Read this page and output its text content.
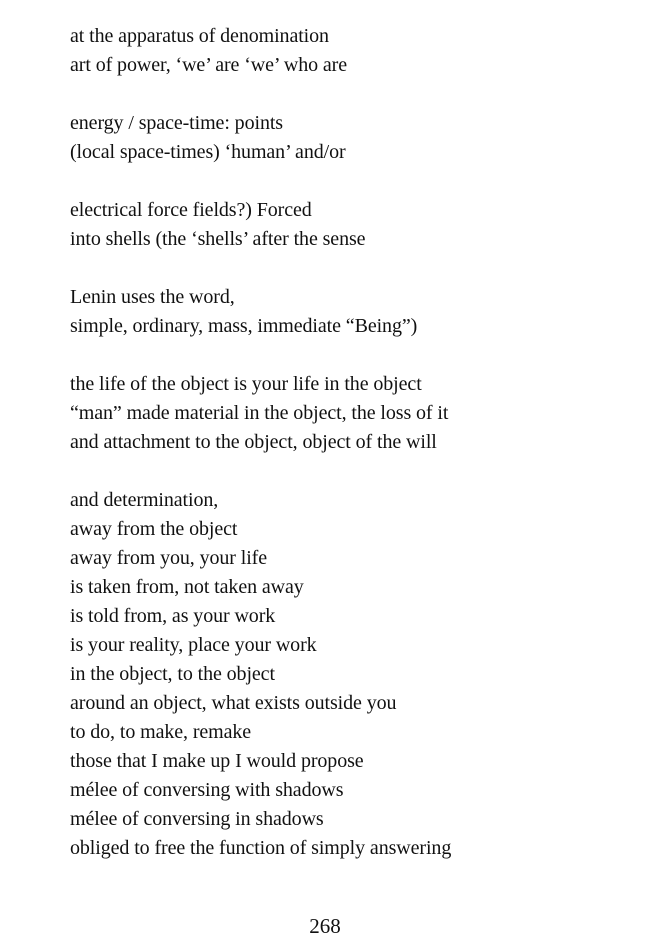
at the apparatus of denomination

art of power, ‘we’ are ‘we’ who are

energy / space-time: points

(local space-times) ‘human’ and/or

electrical force fields?) Forced

into shells (the ‘shells’ after the sense

Lenin uses the word,

simple, ordinary, mass, immediate “Being”)

the life of the object is your life in the object

“man” made material in the object, the loss of it

and attachment to the object, object of the will

and determination,

away from the object

away from you, your life

is taken from, not taken away

is told from, as your work

is your reality, place your work

in the object, to the object

around an object, what exists outside you

to do, to make, remake

those that I make up I would propose

mélee of conversing with shadows

mélee of conversing in shadows

obliged to free the function of simply answering

268
